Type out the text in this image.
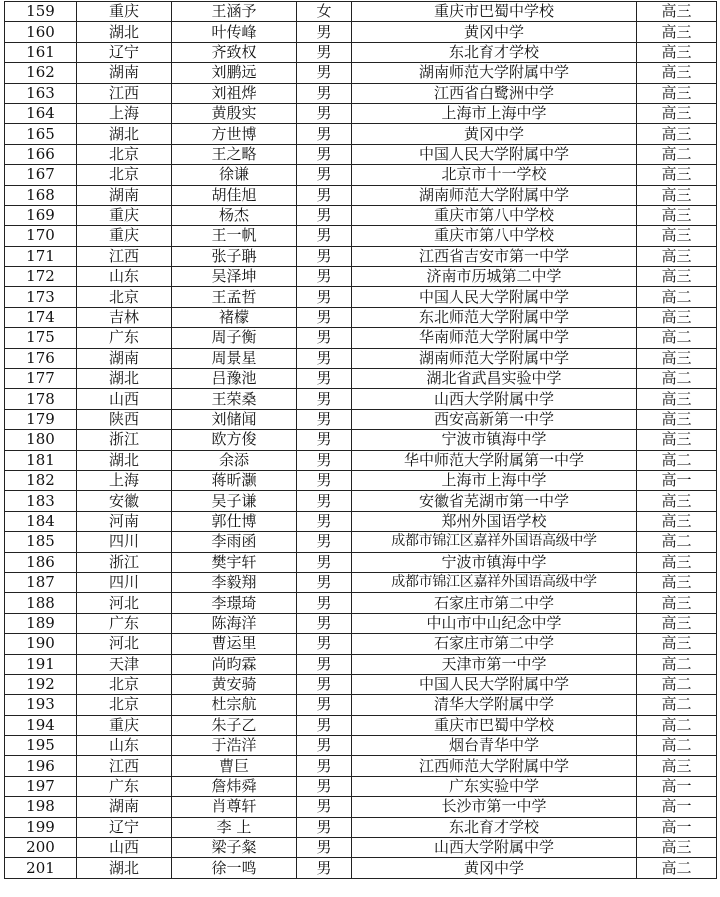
159	重庆	王涵予	女	重庆市巴蜀中学校	高三
160	湖北	叶传峰	男	黄冈中学	高三
161	辽宁	齐致权	男	东北育才学校	高三
162	湖南	刘鹏远	男	湖南师范大学附属中学	高三
163	江西	刘祖烨	男	江西省白鹭洲中学	高三
164	上海	黄殷实	男	上海市上海中学	高三
165	湖北	方世博	男	黄冈中学	高三
166	北京	王之略	男	中国人民大学附属中学	高二
167	北京	徐谦	男	北京市十一学校	高三
168	湖南	胡佳旭	男	湖南师范大学附属中学	高三
169	重庆	杨杰	男	重庆市第八中学校	高三
170	重庆	王一帆	男	重庆市第八中学校	高三
171	江西	张子聃	男	江西省吉安市第一中学	高三
172	山东	吴泽坤	男	济南市历城第二中学	高三
173	北京	王孟哲	男	中国人民大学附属中学	高二
174	吉林	褚檬	男	东北师范大学附属中学	高三
175	广东	周子衡	男	华南师范大学附属中学	高二
176	湖南	周景星	男	湖南师范大学附属中学	高三
177	湖北	吕豫池	男	湖北省武昌实验中学	高二
178	山西	王荣桑	男	山西大学附属中学	高三
179	陕西	刘储闻	男	西安高新第一中学	高三
180	浙江	欧方俊	男	宁波市镇海中学	高三
181	湖北	余添	男	华中师范大学附属第一中学	高二
182	上海	蒋昕灏	男	上海市上海中学	高一
183	安徽	吴子谦	男	安徽省芜湖市第一中学	高三
184	河南	郭仕博	男	郑州外国语学校	高三
185	四川	李雨函	男	成都市锦江区嘉祥外国语高级中学	高二
186	浙江	樊宇轩	男	宁波市镇海中学	高三
187	四川	李毅翔	男	成都市锦江区嘉祥外国语高级中学	高三
188	河北	李璟琦	男	石家庄市第二中学	高三
189	广东	陈海洋	男	中山市中山纪念中学	高三
190	河北	曹运里	男	石家庄市第二中学	高三
191	天津	尚昀霖	男	天津市第一中学	高二
192	北京	黄安骑	男	中国人民大学附属中学	高二
193	北京	杜宗航	男	清华大学附属中学	高二
194	重庆	朱子乙	男	重庆市巴蜀中学校	高二
195	山东	于浩洋	男	烟台青华中学	高二
196	江西	曹巨	男	江西师范大学附属中学	高三
197	广东	詹炜舜	男	广东实验中学	高一
198	湖南	肖尊轩	男	长沙市第一中学	高一
199	辽宁	李 上	男	东北育才学校	高一
200	山西	梁子粲	男	山西大学附属中学	高三
201	湖北	徐一鸣	男	黄冈中学	高二
